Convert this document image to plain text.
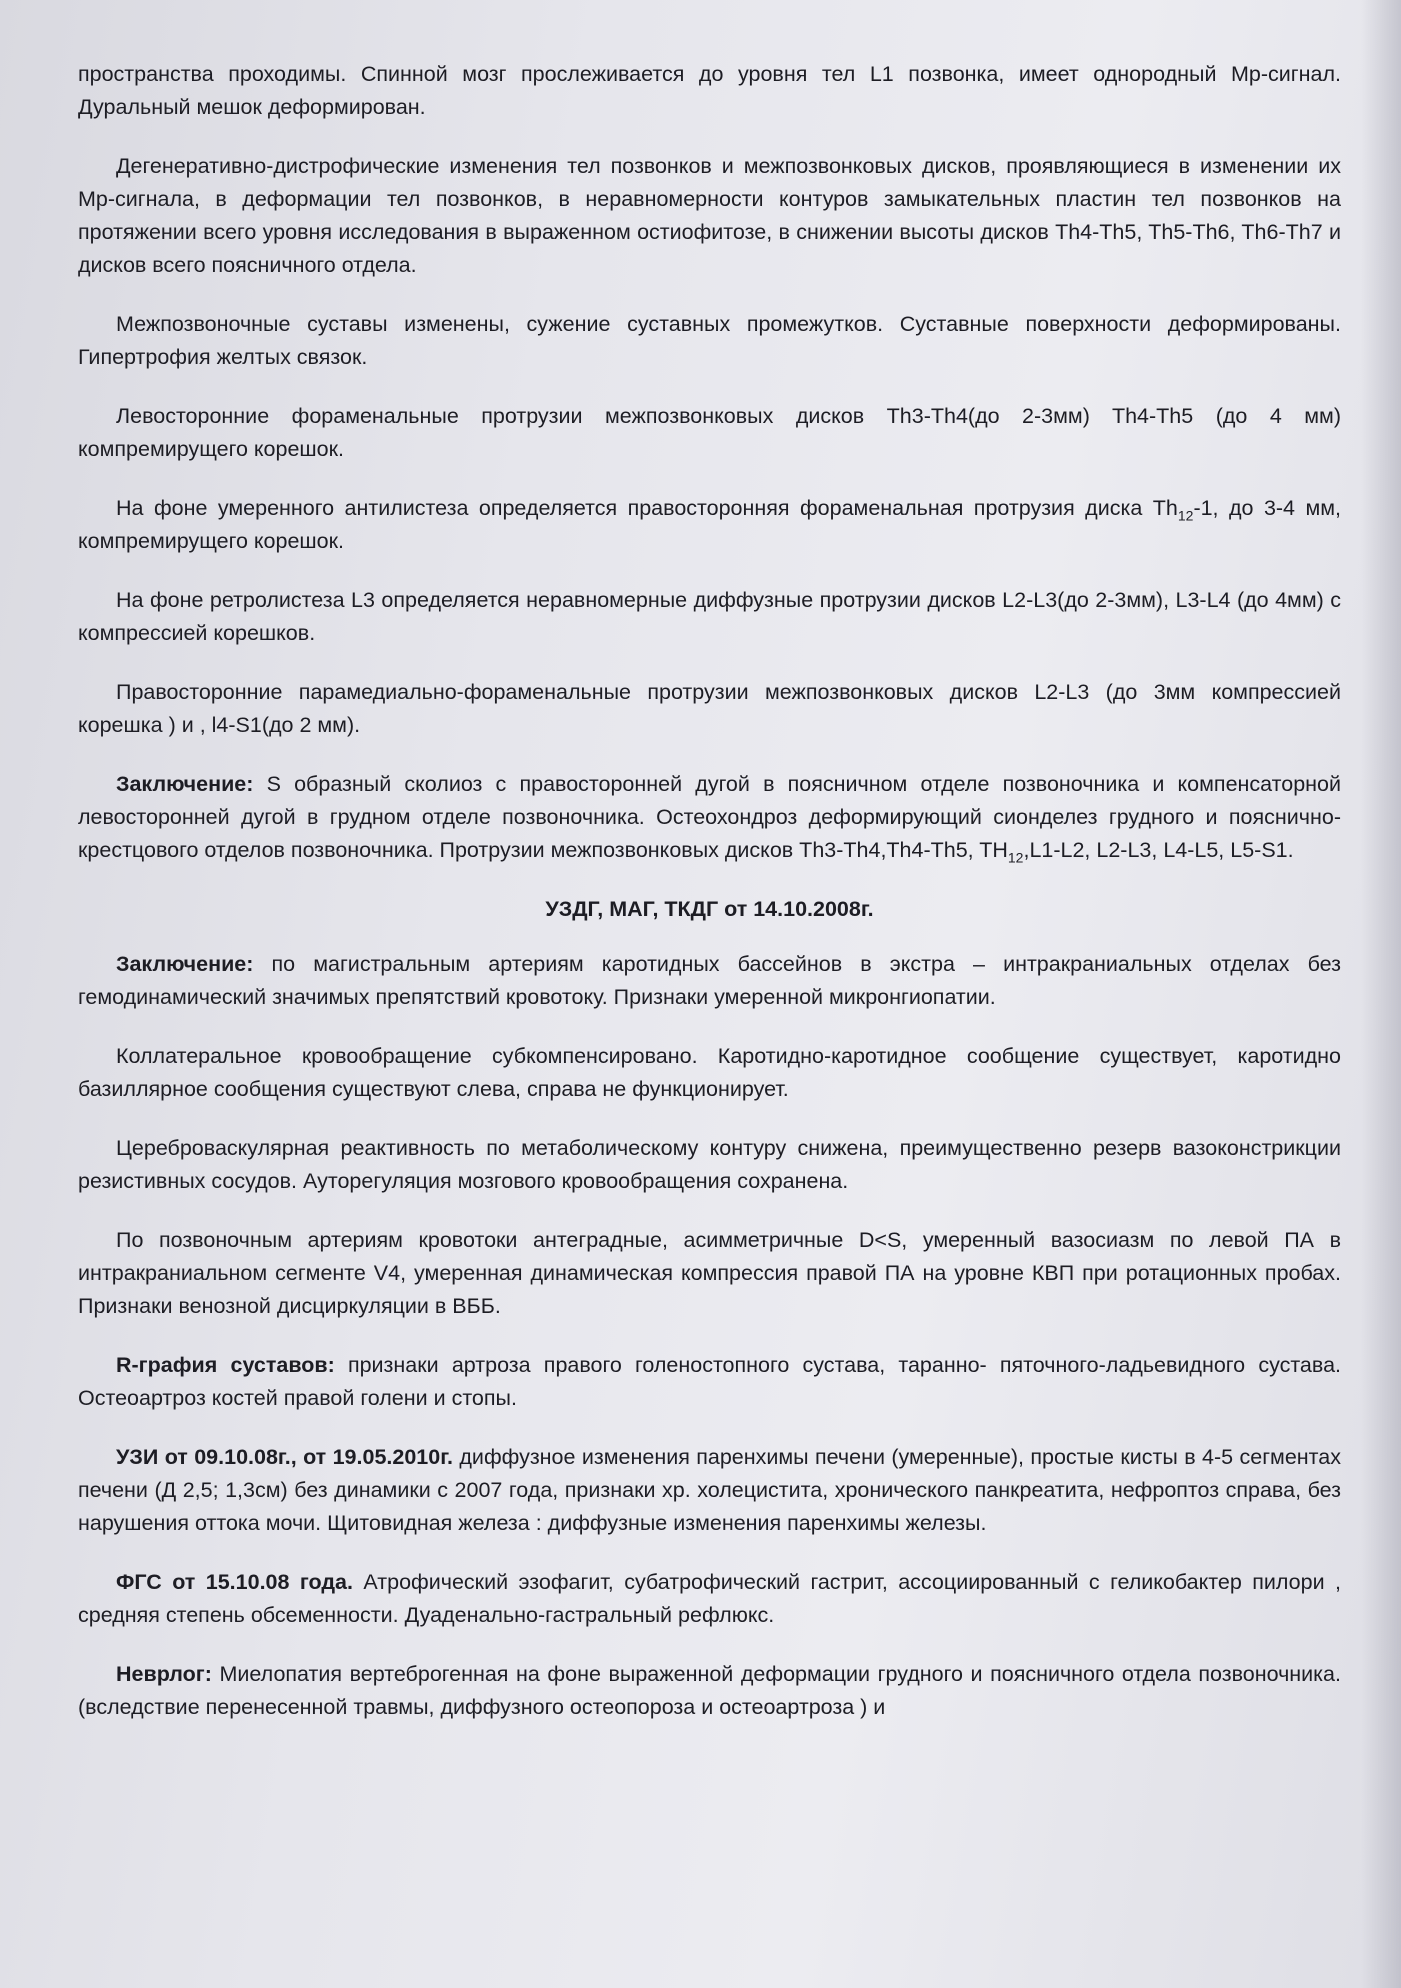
пространства проходимы. Спинной мозг прослеживается до уровня тел L1 позвонка, имеет однородный Мр-сигнал. Дуральный мешок деформирован.

Дегенеративно-дистрофические изменения тел позвонков и межпозвонковых дисков, проявляющиеся в изменении их Мр-сигнала, в деформации тел позвонков, в неравномерности контуров замыкательных пластин тел позвонков на протяжении всего уровня исследования в выраженном остиофитозе, в снижении высоты дисков Th4-Th5, Th5-Th6, Th6-Th7 и дисков всего поясничного отдела.

Межпозвоночные суставы изменены, сужение суставных промежутков. Суставные поверхности деформированы. Гипертрофия желтых связок.

Левосторонние фораменальные протрузии межпозвонковых дисков Th3-Th4(до 2-3мм) Th4-Th5 (до 4 мм) компремирущего корешок.

На фоне умеренного антилистеза определяется правосторонняя фораменальная протрузия диска $Th_{12}-1$, до 3-4 мм, компремирущего корешок.

На фоне ретролистеза L3 определяется неравномерные диффузные протрузии дисков L2-L3(до 2-3мм), L3-L4 (до 4мм) с компрессией корешков.

Правосторонние парамедиально-фораменальные протрузии межпозвонковых дисков L2-L3 (до 3мм компрессией корешка ) и , l4-S1(до 2 мм).

Заключение: S образный сколиоз с правосторонней дугой в поясничном отделе позвоночника и компенсаторной левосторонней дугой в грудном отделе позвоночника. Остеохондроз деформирующий сионделез грудного и пояснично-крестцового отделов позвоночника. Протрузии межпозвонковых дисков Th3-Th4,Th4-Th5, $TH_{12},L1-L2$, L2-L3, L4-L5, L5-S1.

УЗДГ, МАГ, ТКДГ от 14.10.2008г.

Заключение: по магистральным артериям каротидных бассейнов в экстра – интракраниальных отделах без гемодинамический значимых препятствий кровотоку. Признаки умеренной микронгиопатии.

Коллатеральное кровообращение субкомпенсировано. Каротидно-каротидное сообщение существует, каротидно базиллярное сообщения существуют слева, справа не функционирует.

Цереброваскулярная реактивность по метаболическому контуру снижена, преимущественно резерв вазоконстрикции резистивных сосудов. Ауторегуляция мозгового кровообращения сохранена.

По позвоночным артериям кровотоки антеградные, асимметричные D<S, умеренный вазосиазм по левой ПА в интракраниальном сегменте V4, умеренная динамическая компрессия правой ПА на уровне КВП при ротационных пробах. Признаки венозной дисциркуляции в ВББ.

R-графия суставов: признаки артроза правого голеностопного сустава, таранно- пяточного-ладьевидного сустава. Остеоартроз костей правой голени и стопы.

УЗИ от 09.10.08г., от 19.05.2010г. диффузное изменения паренхимы печени (умеренные), простые кисты в 4-5 сегментах печени (Д 2,5; 1,3см) без динамики с 2007 года, признаки хр. холецистита, хронического панкреатита, нефроптоз справа, без нарушения оттока мочи. Щитовидная железа : диффузные изменения паренхимы железы.

ФГС от 15.10.08 года. Атрофический эзофагит, субатрофический гастрит, ассоциированный с геликобактер пилори , средняя степень обсеменности. Дуаденально-гастральный рефлюкс.

Неврлог: Миелопатия вертеброгенная на фоне выраженной деформации грудного и поясничного отдела позвоночника. (вследствие перенесенной травмы, диффузного остеопороза и остеоартроза ) и
